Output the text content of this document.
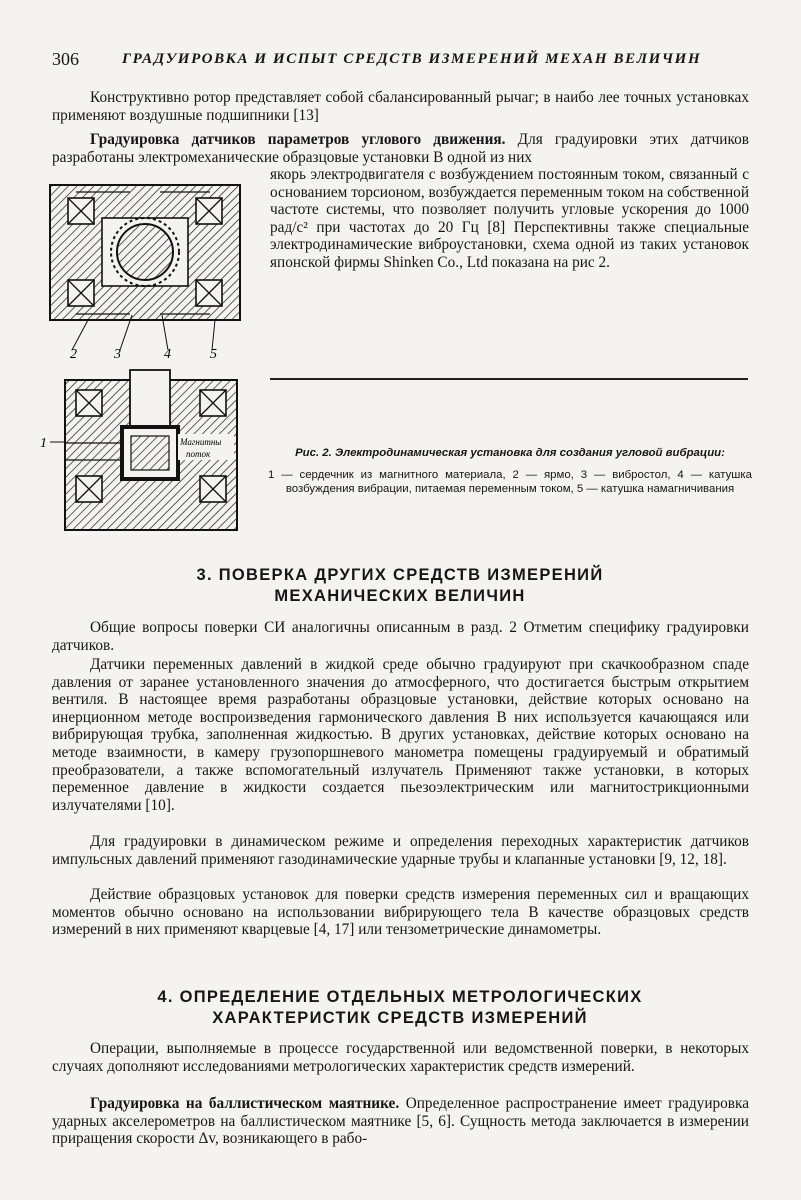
306	ГРАДУИРОВКА И ИСПЫТ СРЕДСТВ ИЗМЕРЕНИЙ МЕХАН ВЕЛИЧИН

Конструктивно ротор представляет собой сбалансированный рычаг; в наибо лее точных установках применяют воздушные подшипники [13]

Градуировка датчиков параметров углового движения. Для градуировки этих датчиков разработаны электромеханические образцовые установки В одной из них

якорь электродвигателя с возбуждением постоянным током, связанный с основанием торсионом, возбуждается переменным током на собственной частоте системы, что позволяет получить угловые ускорения до 1000 рад/с² при частотах до 20 Гц [8] Перспективны также специальные электродинамические виброустановки, схема одной из таких установок японской фирмы Shinken Co., Ltd показана на рис 2.

2	3	4	5
Магнитны
поток
1
Рис. 2. Электродинамическая установка для создания угловой вибрации:
1 — сердечник из магнитного материала, 2 — ярмо, 3 — вибростол, 4 — катушка возбуждения вибрации, питаемая переменным током, 5 — катушка намагничивания
3. ПОВЕРКА ДРУГИХ СРЕДСТВ ИЗМЕРЕНИЙ
МЕХАНИЧЕСКИХ ВЕЛИЧИН

Общие вопросы поверки СИ аналогичны описанным в разд. 2 Отметим специфику градуировки датчиков.

Датчики переменных давлений в жидкой среде обычно градуируют при скачкообразном спаде давления от заранее установленного значения до атмосферного, что достигается быстрым открытием вентиля. В настоящее время разработаны образцовые установки, действие которых основано на инерционном методе воспроизведения гармонического давления В них используется качающаяся или вибрирующая трубка, заполненная жидкостью. В других установках, действие которых основано на методе взаимности, в камеру грузопоршневого манометра помещены градуируемый и обратимый преобразователи, а также вспомогательный излучатель Применяют также установки, в которых переменное давление в жидкости создается пьезоэлектрическим или магнитострикционными излучателями [10].

Для градуировки в динамическом режиме и определения переходных характеристик датчиков импульсных давлений применяют газодинамические ударные трубы и клапанные установки [9, 12, 18].

Действие образцовых установок для поверки средств измерения переменных сил и вращающих моментов обычно основано на использовании вибрирующего тела В качестве образцовых средств измерений в них применяют кварцевые [4, 17] или тензометрические динамометры.

4. ОПРЕДЕЛЕНИЕ ОТДЕЛЬНЫХ МЕТРОЛОГИЧЕСКИХ
ХАРАКТЕРИСТИК СРЕДСТВ ИЗМЕРЕНИЙ

Операции, выполняемые в процессе государственной или ведомственной поверки, в некоторых случаях дополняют исследованиями метрологических характеристик средств измерений.

Градуировка на баллистическом маятнике. Определенное распространение имеет градуировка ударных акселерометров на баллистическом маятнике [5, 6]. Сущность метода заключается в измерении приращения скорости Δv, возникающего в рабо-
